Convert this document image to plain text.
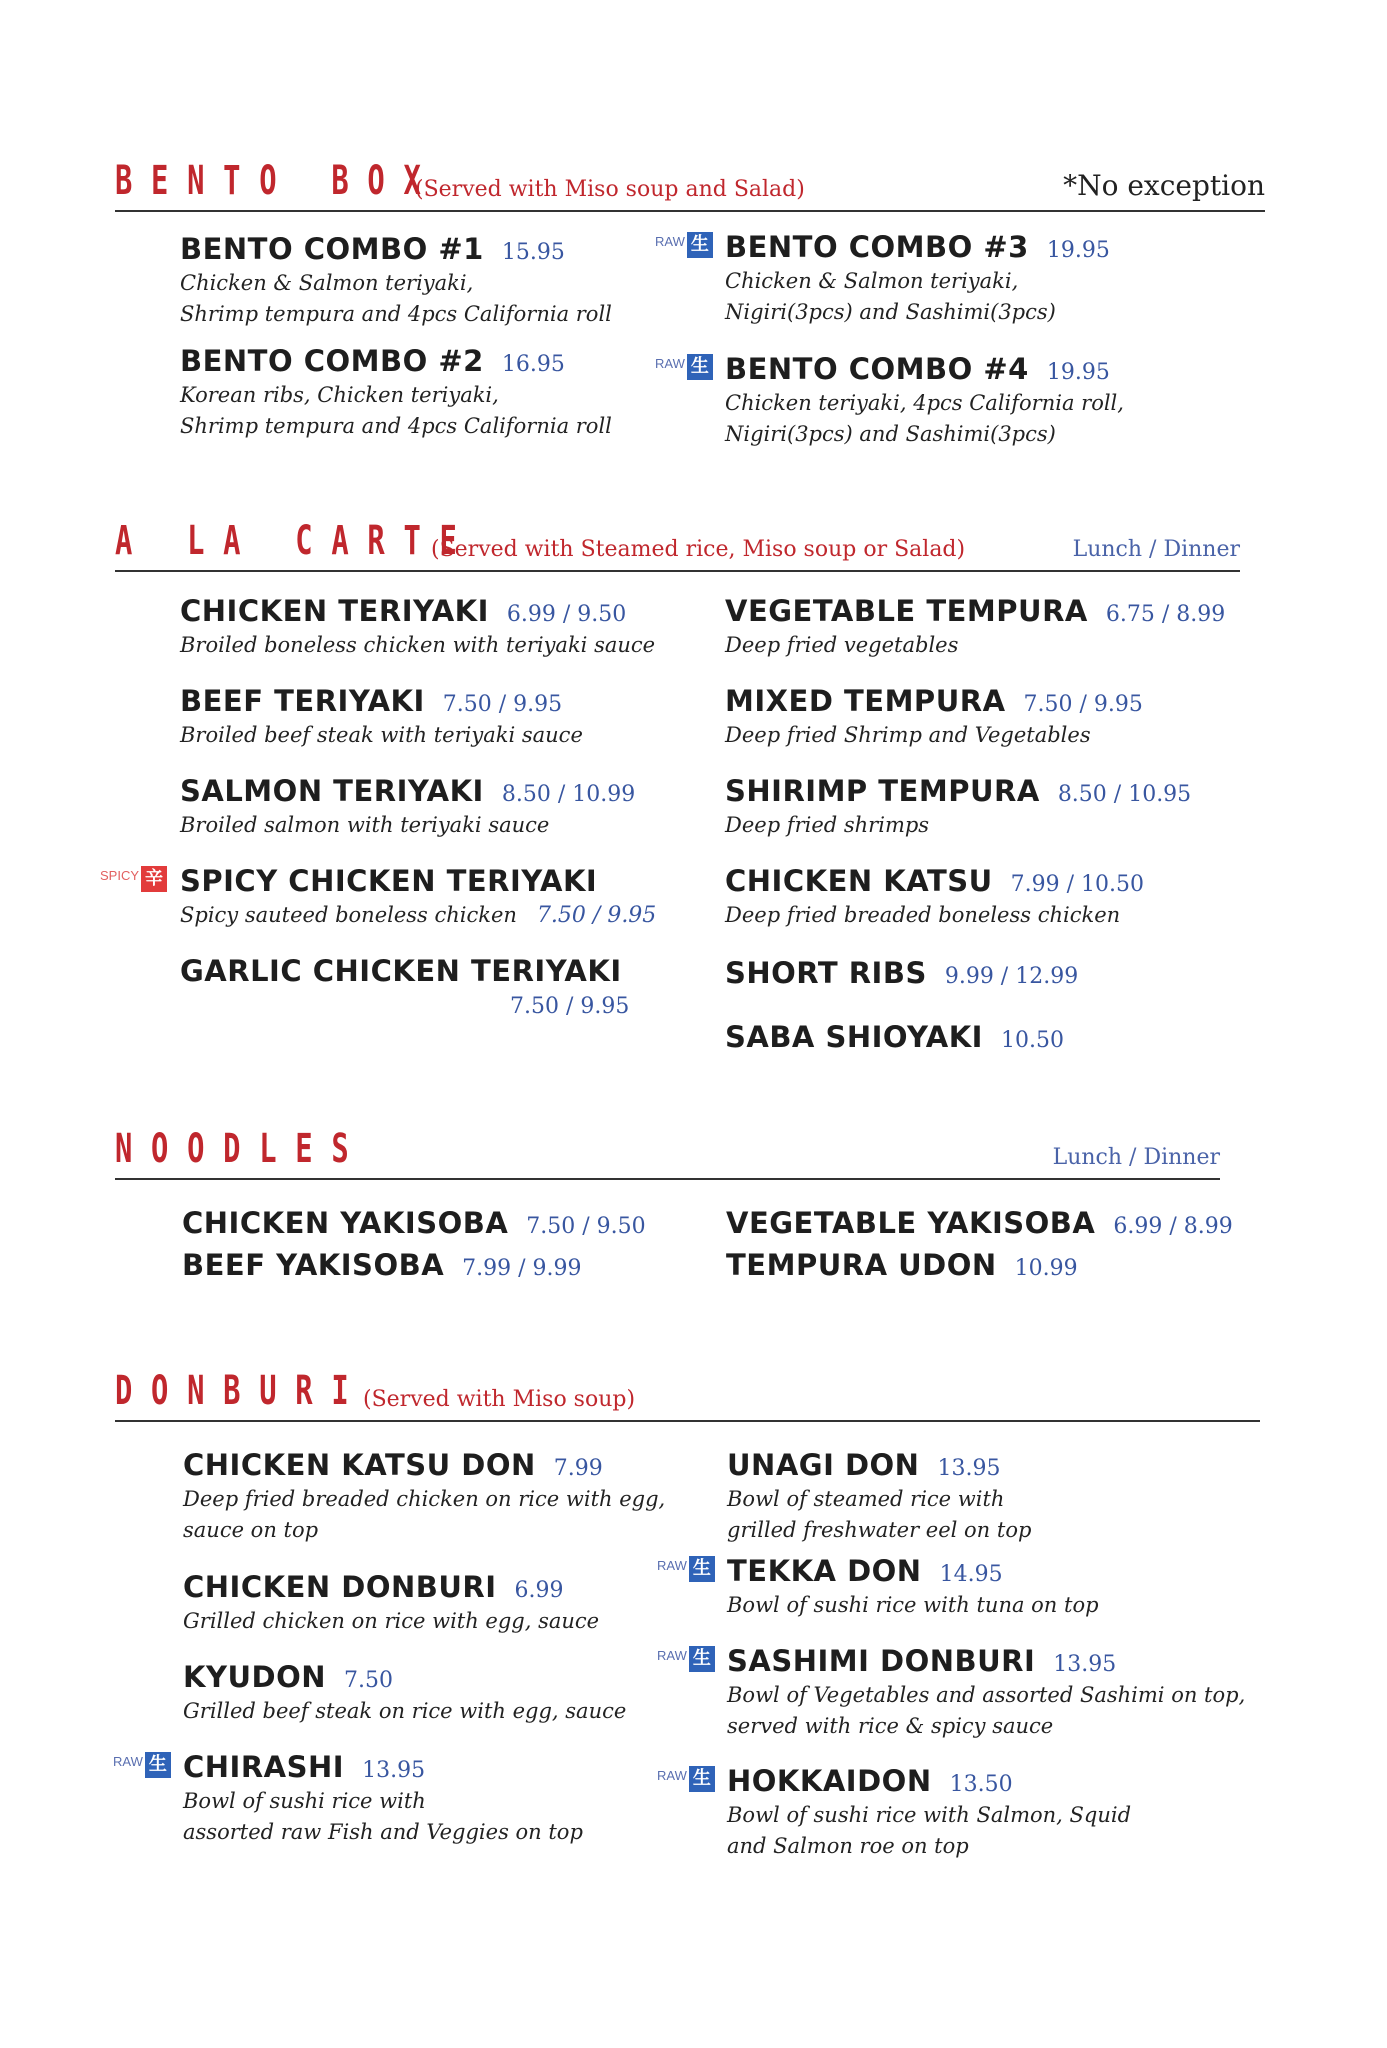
BENTO BOX
(Served with Miso soup and Salad)	*No exception
BENTO COMBO #1 15.95
Chicken & Salmon teriyaki,
Shrimp tempura and 4pcs California roll
BENTO COMBO #2 16.95
Korean ribs, Chicken teriyaki,
Shrimp tempura and 4pcs California roll
RAW 生 BENTO COMBO #3 19.95
Chicken & Salmon teriyaki,
Nigiri(3pcs) and Sashimi(3pcs)
RAW 生 BENTO COMBO #4 19.95
Chicken teriyaki, 4pcs California roll,
Nigiri(3pcs) and Sashimi(3pcs)
A LA CARTE
(Served with Steamed rice, Miso soup or Salad)	Lunch / Dinner
CHICKEN TERIYAKI 6.99 / 9.50
Broiled boneless chicken with teriyaki sauce
BEEF TERIYAKI 7.50 / 9.95
Broiled beef steak with teriyaki sauce
SALMON TERIYAKI 8.50 / 10.99
Broiled salmon with teriyaki sauce
SPICY 辛 SPICY CHICKEN TERIYAKI
Spicy sauteed boneless chicken 7.50 / 9.95
GARLIC CHICKEN TERIYAKI
7.50 / 9.95
VEGETABLE TEMPURA 6.75 / 8.99
Deep fried vegetables
MIXED TEMPURA 7.50 / 9.95
Deep fried Shrimp and Vegetables
SHIRIMP TEMPURA 8.50 / 10.95
Deep fried shrimps
CHICKEN KATSU 7.99 / 10.50
Deep fried breaded boneless chicken
SHORT RIBS 9.99 / 12.99
SABA SHIOYAKI 10.50
NOODLES	Lunch / Dinner
CHICKEN YAKISOBA 7.50 / 9.50
BEEF YAKISOBA 7.99 / 9.99
VEGETABLE YAKISOBA 6.99 / 8.99
TEMPURA UDON 10.99
DONBURI
(Served with Miso soup)
CHICKEN KATSU DON 7.99
Deep fried breaded chicken on rice with egg,
sauce on top
CHICKEN DONBURI 6.99
Grilled chicken on rice with egg, sauce
KYUDON 7.50
Grilled beef steak on rice with egg, sauce
RAW 生 CHIRASHI 13.95
Bowl of sushi rice with
assorted raw Fish and Veggies on top
UNAGI DON 13.95
Bowl of steamed rice with
grilled freshwater eel on top
RAW 生 TEKKA DON 14.95
Bowl of sushi rice with tuna on top
RAW 生 SASHIMI DONBURI 13.95
Bowl of Vegetables and assorted Sashimi on top,
served with rice & spicy sauce
RAW 生 HOKKAIDON 13.50
Bowl of sushi rice with Salmon, Squid
and Salmon roe on top
